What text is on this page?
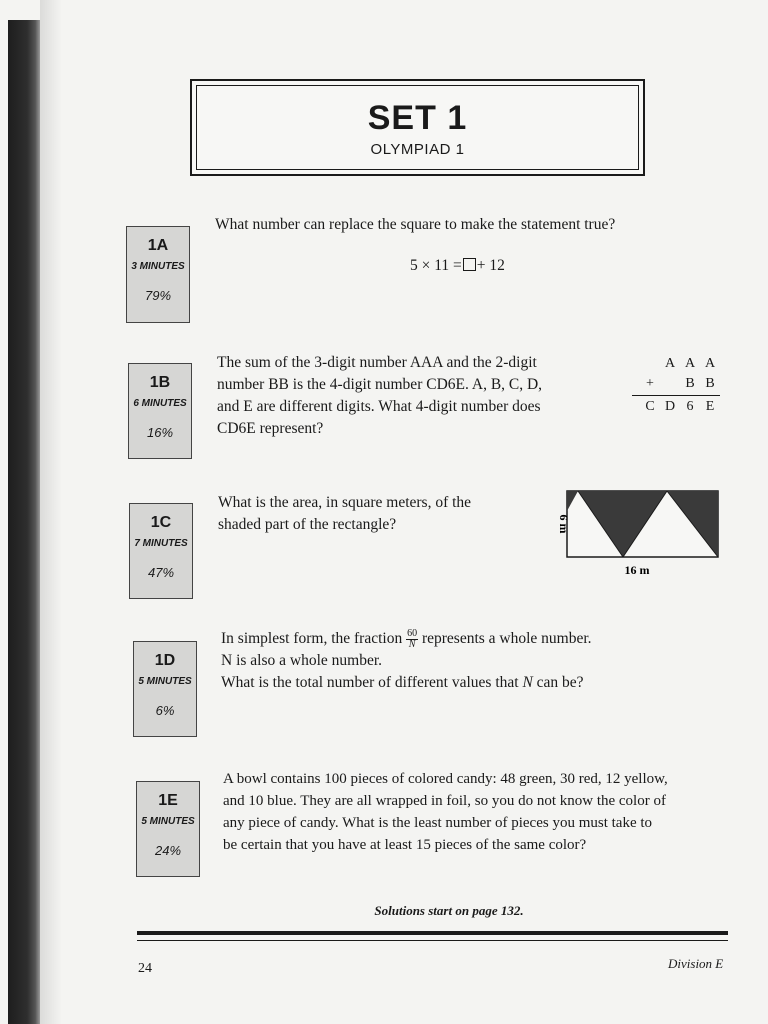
SET 1
OLYMPIAD 1
1A
3 MINUTES
79%
What number can replace the square to make the statement true?
5 × 11 = + 12
1B
6 MINUTES
16%
The sum of the 3-digit number AAA and the 2-digit
number BB is the 4-digit number CD6E. A, B, C, D,
and E are different digits. What 4-digit number does
CD6E represent?
A A A
+	B B
C D 6 E
1C
7 MINUTES
47%
What is the area, in square meters, of the
shaded part of the rectangle?	6 m
16 m
1D
5 MINUTES
6%
In simplest form, the fraction $\frac{60}{N}$ represents a whole number.
N is also a whole number.
What is the total number of different values that N can be?
1E
5 MINUTES
24%
A bowl contains 100 pieces of colored candy: 48 green, 30 red, 12 yellow,
and 10 blue. They are all wrapped in foil, so you do not know the color of
any piece of candy. What is the least number of pieces you must take to
be certain that you have at least 15 pieces of the same color?
Solutions start on page 132.
24	Division E
